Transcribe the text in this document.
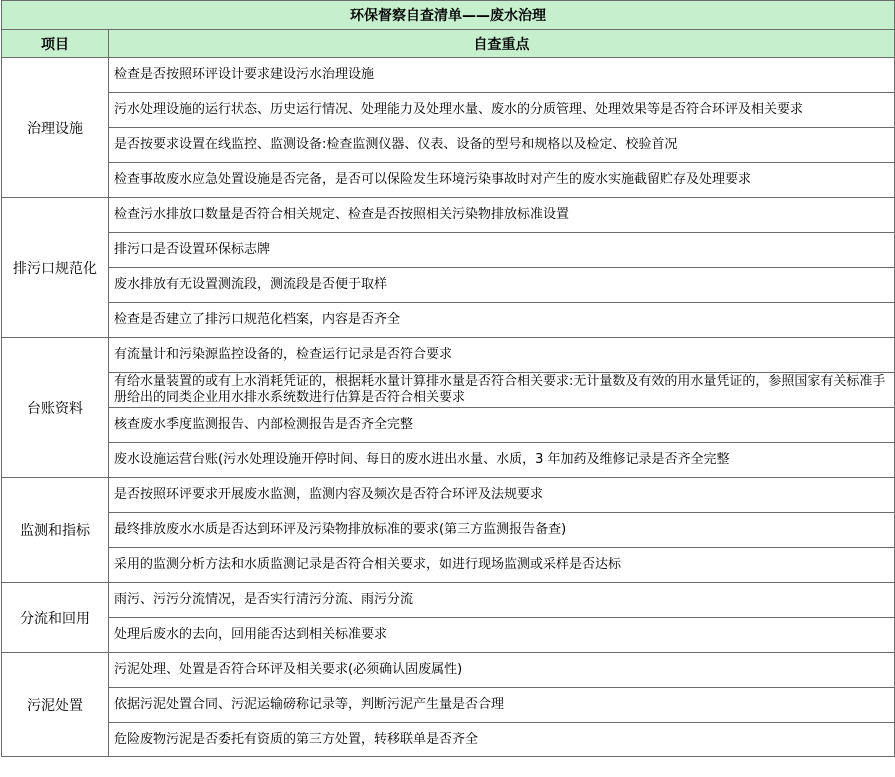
环保督察自查清单——废水治理	
项目	自查重点
治理设施	检查是否按照环评设计要求建设污水治理设施
	污水处理设施的运行状态、历史运行情况、处理能力及处理水量、废水的分质管理、处理效果等是否符合环评及相关要求
	是否按要求设置在线监控、监测设备:检查监测仪器、仪表、设备的型号和规格以及检定、校验首况
	检查事故废水应急处置设施是否完备，是否可以保险发生环境污染事故时对产生的废水实施截留贮存及处理要求
排污口规范化	检查污水排放口数量是否符合相关规定、检查是否按照相关污染物排放标准设置
	排污口是否设置环保标志牌
	废水排放有无设置测流段，测流段是否便于取样
	检查是否建立了排污口规范化档案，内容是否齐全
台账资料	有流量计和污染源监控设备的，检查运行记录是否符合要求
	有给水量装置的或有上水消耗凭证的，根据耗水量计算排水量是否符合相关要求:无计量数及有效的用水量凭证的，参照国家有关标准手册给出的同类企业用水排水系统数进行估算是否符合相关要求
	核查废水季度监测报告、内部检测报告是否齐全完整
	废水设施运营台账(污水处理设施开停时间、每日的废水进出水量、水质，3 年加药及维修记录是否齐全完整
监测和指标	是否按照环评要求开展废水监测，监测内容及频次是否符合环评及法规要求
	最终排放废水水质是否达到环评及污染物排放标准的要求(第三方监测报告备查)
	采用的监测分析方法和水质监测记录是否符合相关要求，如进行现场监测或采样是否达标
分流和回用	雨污、污污分流情况，是否实行清污分流、雨污分流
	处理后废水的去向，回用能否达到相关标准要求
污泥处置	污泥处理、处置是否符合环评及相关要求(必须确认固废属性)
	依据污泥处置合同、污泥运输磅称记录等，判断污泥产生量是否合理
	危险废物污泥是否委托有资质的第三方处置，转移联单是否齐全
